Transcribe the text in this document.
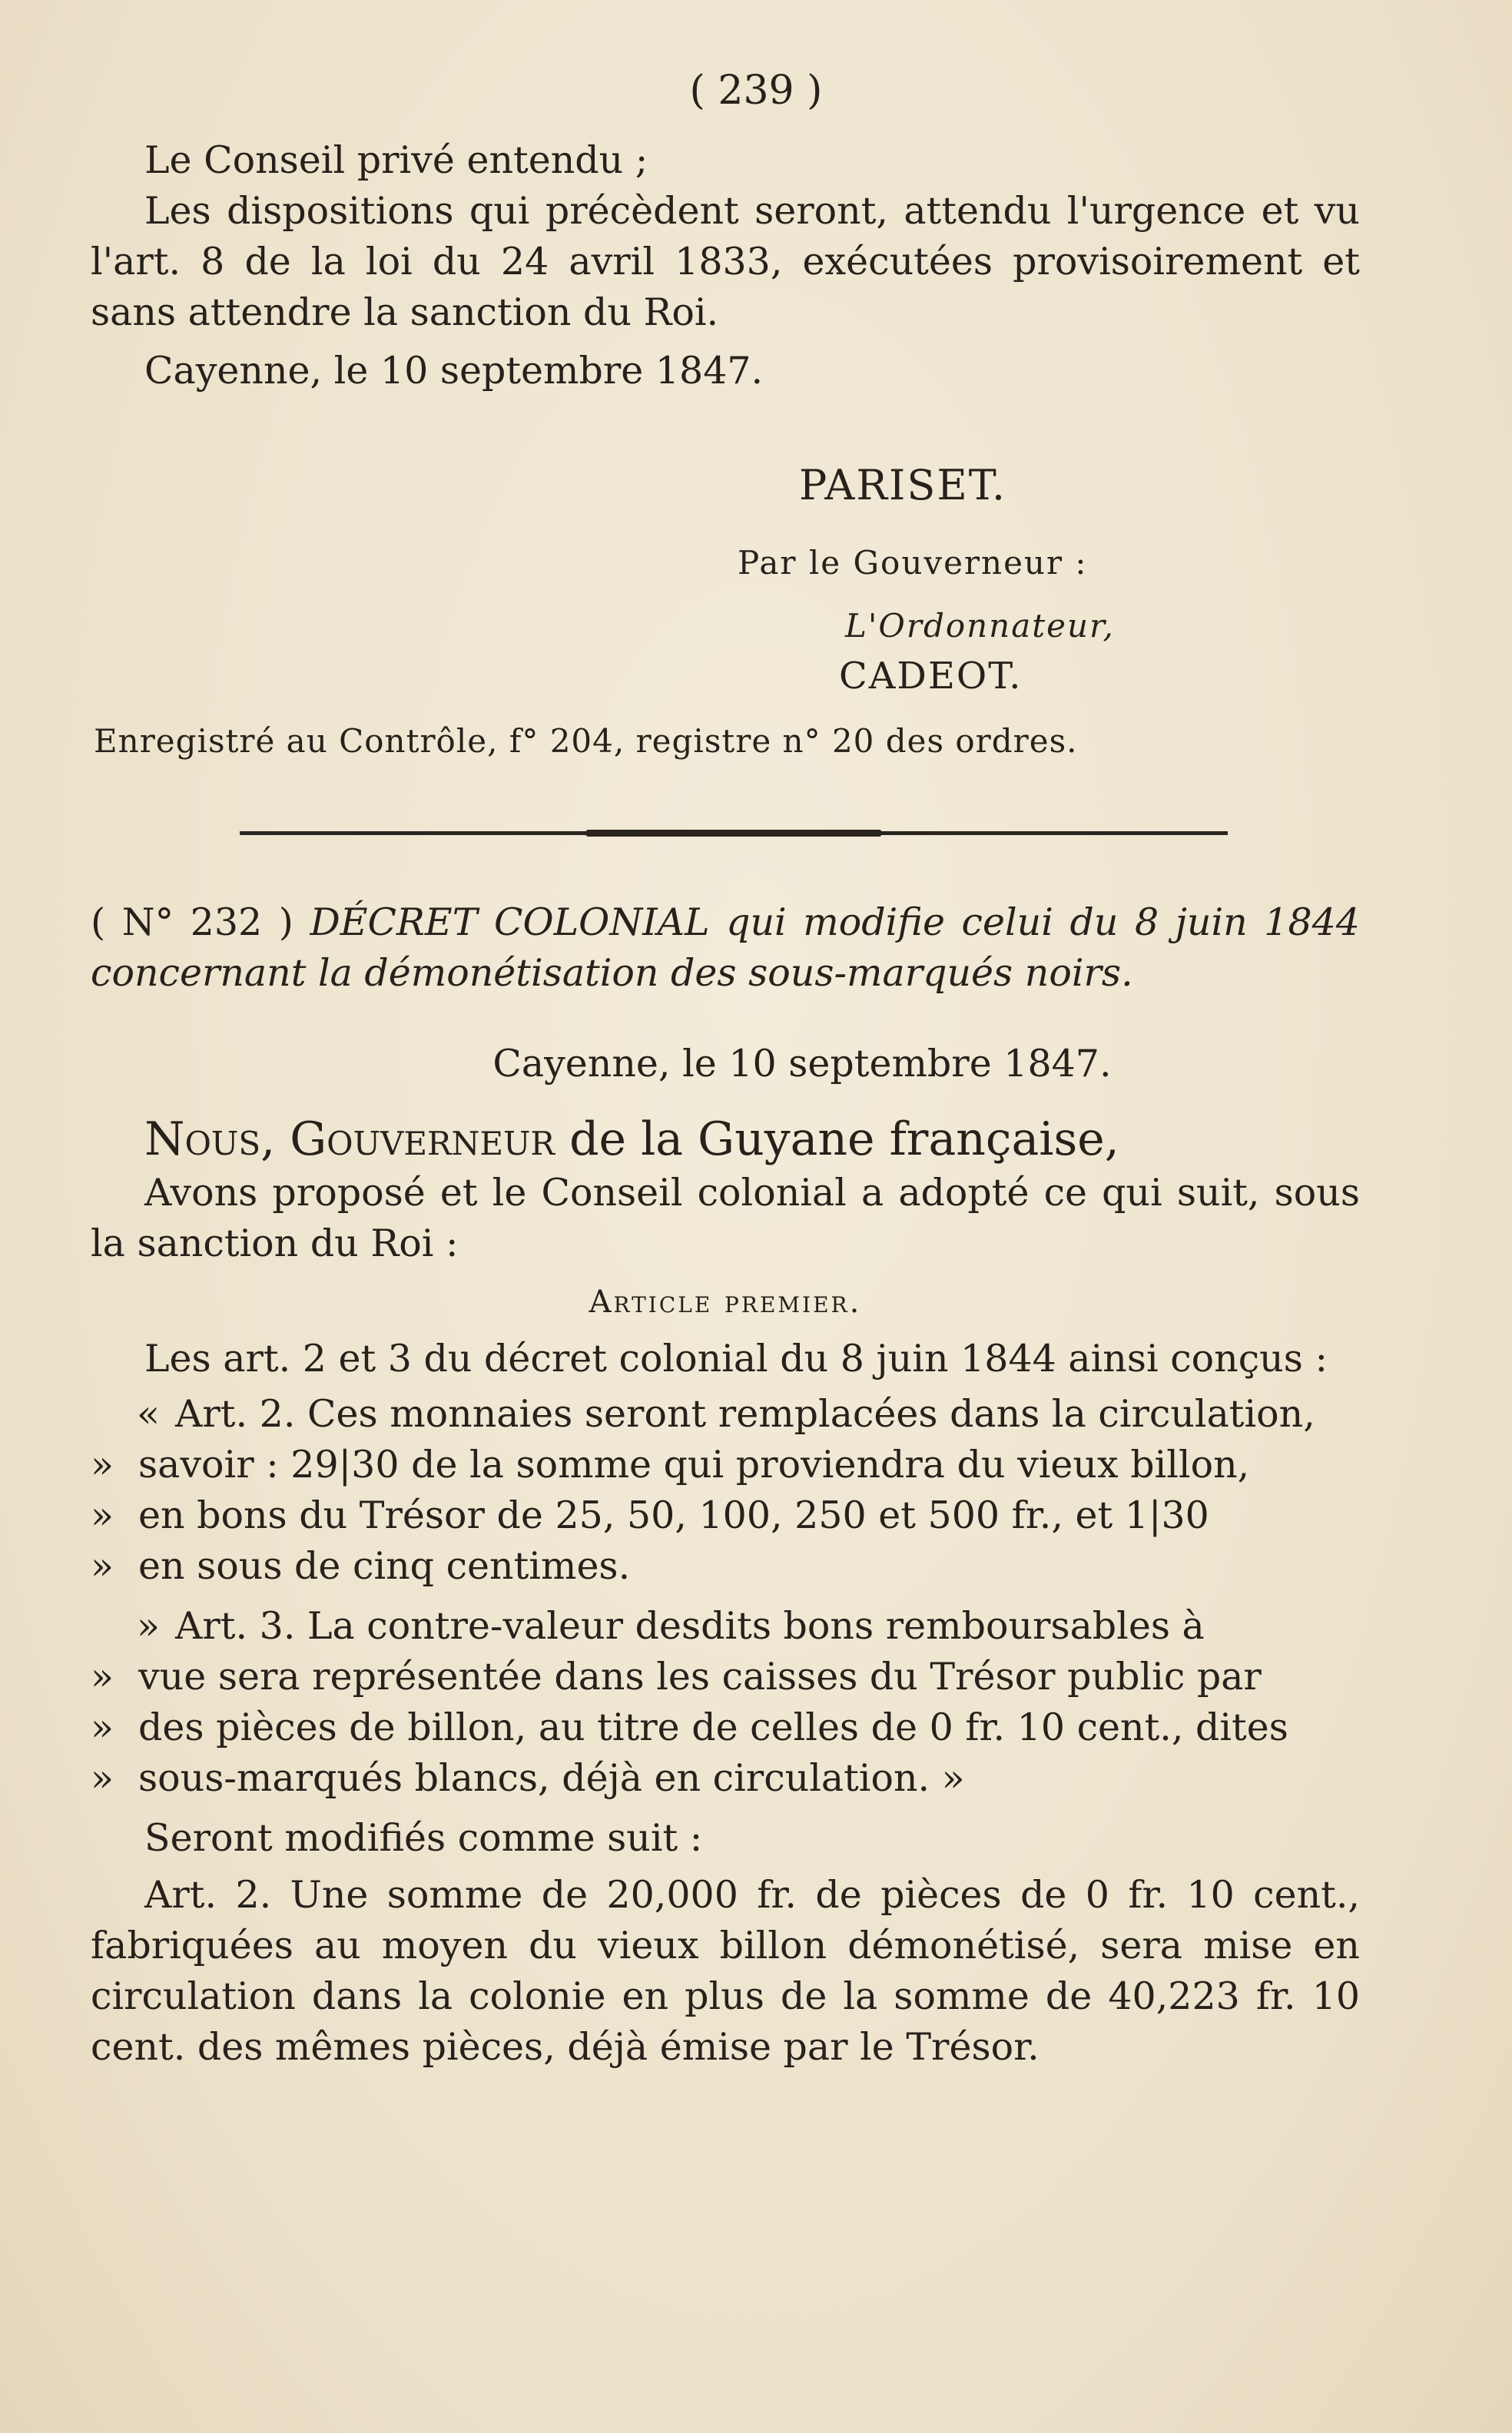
( 239 )

Le Conseil privé entendu ;

Les dispositions qui précèdent seront, attendu l'urgence et vu l'art. 8 de la loi du 24 avril 1833, exécutées provisoirement et sans attendre la sanction du Roi.

Cayenne, le 10 septembre 1847.

PARISET.
Par le Gouverneur :
L'Ordonnateur,
CADEOT.
Enregistré au Contrôle, f° 204, registre n° 20 des ordres.

( N° 232 ) DÉCRET COLONIAL qui modifie celui du 8 juin 1844 concernant la démonétisation des sous-marqués noirs.

Cayenne, le 10 septembre 1847.

Nous, Gouverneur de la Guyane française,

Avons proposé et le Conseil colonial a adopté ce qui suit, sous la sanction du Roi :

Article premier.

Les art. 2 et 3 du décret colonial du 8 juin 1844 ainsi conçus :

« Art. 2. Ces monnaies seront remplacées dans la circulation,
» savoir : 29|30 de la somme qui proviendra du vieux billon,
» en bons du Trésor de 25, 50, 100, 250 et 500 fr., et 1|30
» en sous de cinq centimes.
» Art. 3. La contre-valeur desdits bons remboursables à
» vue sera représentée dans les caisses du Trésor public par
» des pièces de billon, au titre de celles de 0 fr. 10 cent., dites
» sous-marqués blancs, déjà en circulation. »

Seront modifiés comme suit :

Art. 2. Une somme de 20,000 fr. de pièces de 0 fr. 10 cent., fabriquées au moyen du vieux billon démonétisé, sera mise en circulation dans la colonie en plus de la somme de 40,223 fr. 10 cent. des mêmes pièces, déjà émise par le Trésor.
